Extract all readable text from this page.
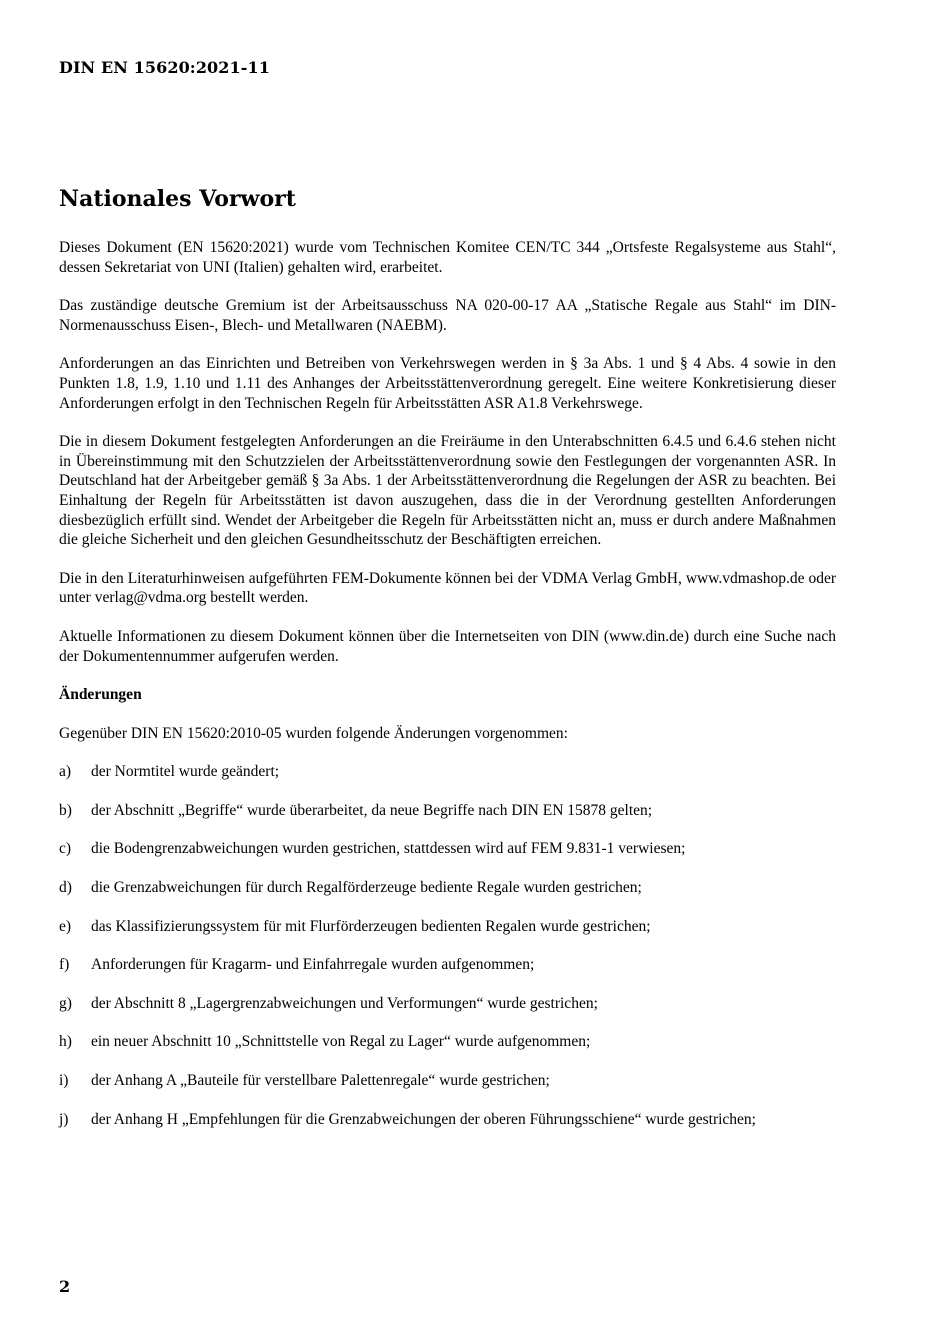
DIN EN 15620:2021-11
Nationales Vorwort

Dieses Dokument (EN 15620:2021) wurde vom Technischen Komitee CEN/TC 344 „Ortsfeste Regalsysteme aus Stahl“, dessen Sekretariat von UNI (Italien) gehalten wird, erarbeitet.

Das zuständige deutsche Gremium ist der Arbeitsausschuss NA 020-00-17 AA „Statische Regale aus Stahl“ im DIN-Normenausschuss Eisen-, Blech- und Metallwaren (NAEBM).

Anforderungen an das Einrichten und Betreiben von Verkehrswegen werden in § 3a Abs. 1 und § 4 Abs. 4 sowie in den Punkten 1.8, 1.9, 1.10 und 1.11 des Anhanges der Arbeitsstättenverordnung geregelt. Eine weitere Konkretisierung dieser Anforderungen erfolgt in den Technischen Regeln für Arbeitsstätten ASR A1.8 Verkehrswege.

Die in diesem Dokument festgelegten Anforderungen an die Freiräume in den Unterabschnitten 6.4.5 und 6.4.6 stehen nicht in Übereinstimmung mit den Schutzzielen der Arbeitsstättenverordnung sowie den Festlegungen der vorgenannten ASR. In Deutschland hat der Arbeitgeber gemäß § 3a Abs. 1 der Arbeitsstättenverordnung die Regelungen der ASR zu beachten. Bei Einhaltung der Regeln für Arbeitsstätten ist davon auszugehen, dass die in der Verordnung gestellten Anforderungen diesbezüglich erfüllt sind. Wendet der Arbeitgeber die Regeln für Arbeitsstätten nicht an, muss er durch andere Maßnahmen die gleiche Sicherheit und den gleichen Gesundheitsschutz der Beschäftigten erreichen.

Die in den Literaturhinweisen aufgeführten FEM-Dokumente können bei der VDMA Verlag GmbH, www.vdmashop.de oder unter verlag@vdma.org bestellt werden.

Aktuelle Informationen zu diesem Dokument können über die Internetseiten von DIN (www.din.de) durch eine Suche nach der Dokumentennummer aufgerufen werden.

Änderungen

Gegenüber DIN EN 15620:2010-05 wurden folgende Änderungen vorgenommen:

a)	der Normtitel wurde geändert;
b)	der Abschnitt „Begriffe“ wurde überarbeitet, da neue Begriffe nach DIN EN 15878 gelten;
c)	die Bodengrenzabweichungen wurden gestrichen, stattdessen wird auf FEM 9.831-1 verwiesen;
d)	die Grenzabweichungen für durch Regalförderzeuge bediente Regale wurden gestrichen;
e)	das Klassifizierungssystem für mit Flurförderzeugen bedienten Regalen wurde gestrichen;
f)	Anforderungen für Kragarm- und Einfahrregale wurden aufgenommen;
g)	der Abschnitt 8 „Lagergrenzabweichungen und Verformungen“ wurde gestrichen;
h)	ein neuer Abschnitt 10 „Schnittstelle von Regal zu Lager“ wurde aufgenommen;
i)	der Anhang A „Bauteile für verstellbare Palettenregale“ wurde gestrichen;
j)	der Anhang H „Empfehlungen für die Grenzabweichungen der oberen Führungsschiene“ wurde gestrichen;
2
